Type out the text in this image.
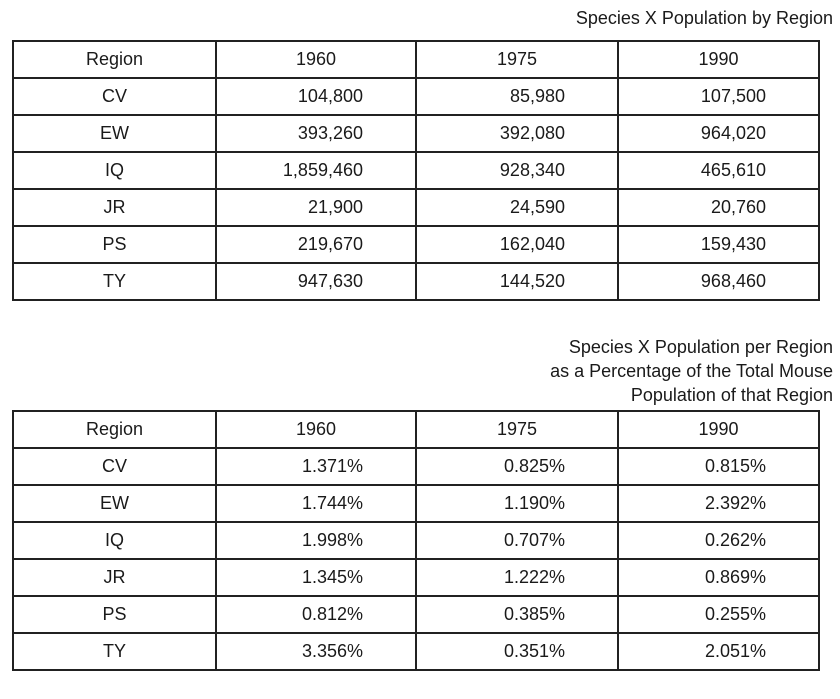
Species X Population by Region
Region	1960	1975	1990
CV	104,800	85,980	107,500
EW	393,260	392,080	964,020
IQ	1,859,460	928,340	465,610
JR	21,900	24,590	20,760
PS	219,670	162,040	159,430
TY	947,630	144,520	968,460
Species X Population per Region
as a Percentage of the Total Mouse
Population of that Region
Region	1960	1975	1990
CV	1.371%	0.825%	0.815%
EW	1.744%	1.190%	2.392%
IQ	1.998%	0.707%	0.262%
JR	1.345%	1.222%	0.869%
PS	0.812%	0.385%	0.255%
TY	3.356%	0.351%	2.051%
